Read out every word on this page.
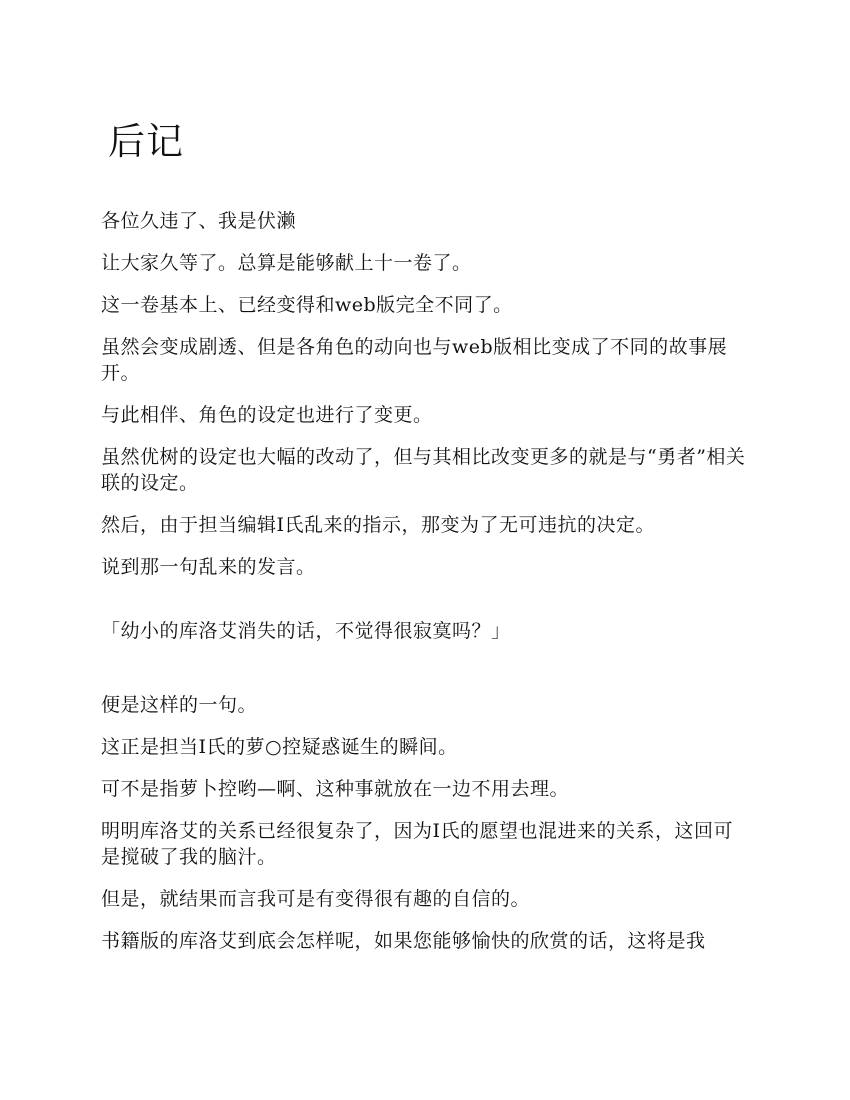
后记

各位久违了、我是伏濑

让大家久等了。总算是能够献上十一卷了。

这一卷基本上、已经变得和web版完全不同了。

虽然会变成剧透、但是各角色的动向也与web版相比变成了不同的故事展开。

与此相伴、角色的设定也进行了变更。

虽然优树的设定也大幅的改动了，但与其相比改变更多的就是与“勇者”相关联的设定。

然后，由于担当编辑I氏乱来的指示，那变为了无可违抗的决定。

说到那一句乱来的发言。

「幼小的库洛艾消失的话，不觉得很寂寞吗？」

便是这样的一句。

这正是担当I氏的萝○控疑惑诞生的瞬间。

可不是指萝卜控哟—啊、这种事就放在一边不用去理。

明明库洛艾的关系已经很复杂了，因为I氏的愿望也混进来的关系，这回可是搅破了我的脑汁。

但是，就结果而言我可是有变得很有趣的自信的。

书籍版的库洛艾到底会怎样呢，如果您能够愉快的欣赏的话，这将是我
